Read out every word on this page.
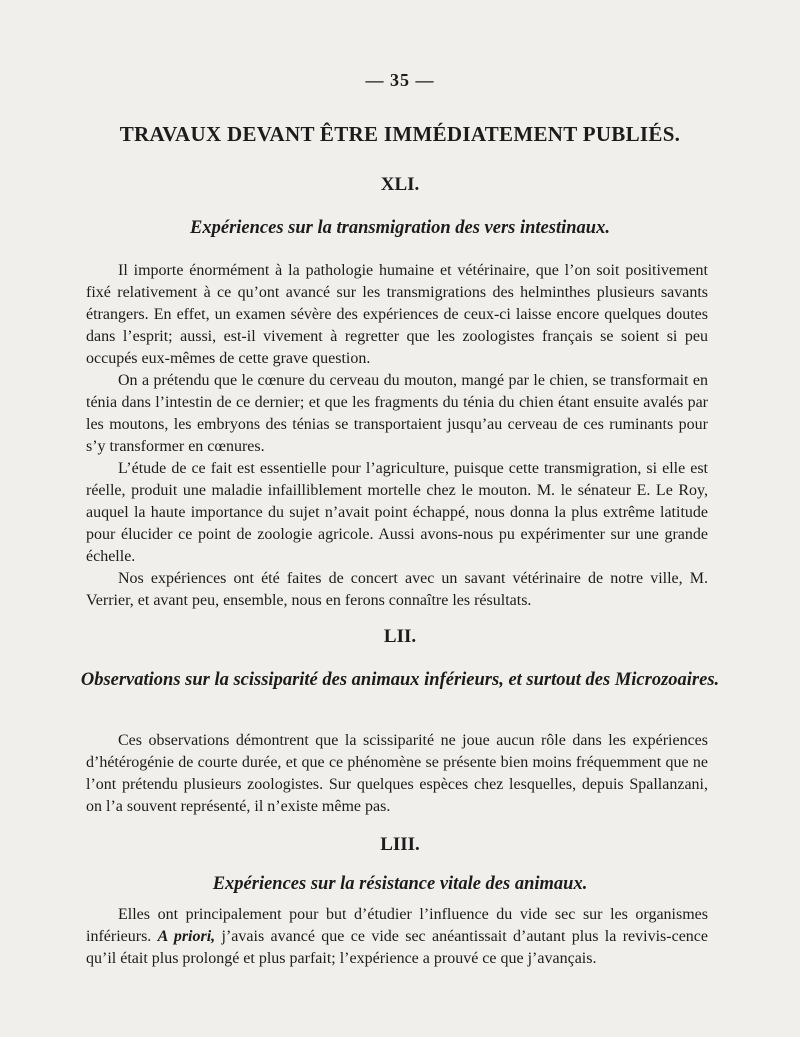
— 35 —
TRAVAUX DEVANT ÊTRE IMMÉDIATEMENT PUBLIÉS.
XLI.
Expériences sur la transmigration des vers intestinaux.

Il importe énormément à la pathologie humaine et vétérinaire, que l’on soit positivement fixé relativement à ce qu’ont avancé sur les transmigrations des helminthes plusieurs savants étrangers. En effet, un examen sévère des expériences de ceux-ci laisse encore quelques doutes dans l’esprit; aussi, est-il vivement à regretter que les zoologistes français se soient si peu occupés eux-mêmes de cette grave question.

On a prétendu que le cœnure du cerveau du mouton, mangé par le chien, se transformait en ténia dans l’intestin de ce dernier; et que les fragments du ténia du chien étant ensuite avalés par les moutons, les embryons des ténias se transportaient jusqu’au cerveau de ces ruminants pour s’y transformer en cœnures.

L’étude de ce fait est essentielle pour l’agriculture, puisque cette transmigration, si elle est réelle, produit une maladie infailliblement mortelle chez le mouton. M. le sénateur E. Le Roy, auquel la haute importance du sujet n’avait point échappé, nous donna la plus extrême latitude pour élucider ce point de zoologie agricole. Aussi avons-nous pu expérimenter sur une grande échelle.

Nos expériences ont été faites de concert avec un savant vétérinaire de notre ville, M. Verrier, et avant peu, ensemble, nous en ferons connaître les résultats.

LII.
Observations sur la scissiparité des animaux inférieurs, et surtout des Microzoaires.

Ces observations démontrent que la scissiparité ne joue aucun rôle dans les expériences d’hétérogénie de courte durée, et que ce phénomène se présente bien moins fréquemment que ne l’ont prétendu plusieurs zoologistes. Sur quelques espèces chez lesquelles, depuis Spallanzani, on l’a souvent représenté, il n’existe même pas.

LIII.
Expériences sur la résistance vitale des animaux.

Elles ont principalement pour but d’étudier l’influence du vide sec sur les organismes inférieurs. A priori, j’avais avancé que ce vide sec anéantissait d’autant plus la revivis-cence qu’il était plus prolongé et plus parfait; l’expérience a prouvé ce que j’avançais.
